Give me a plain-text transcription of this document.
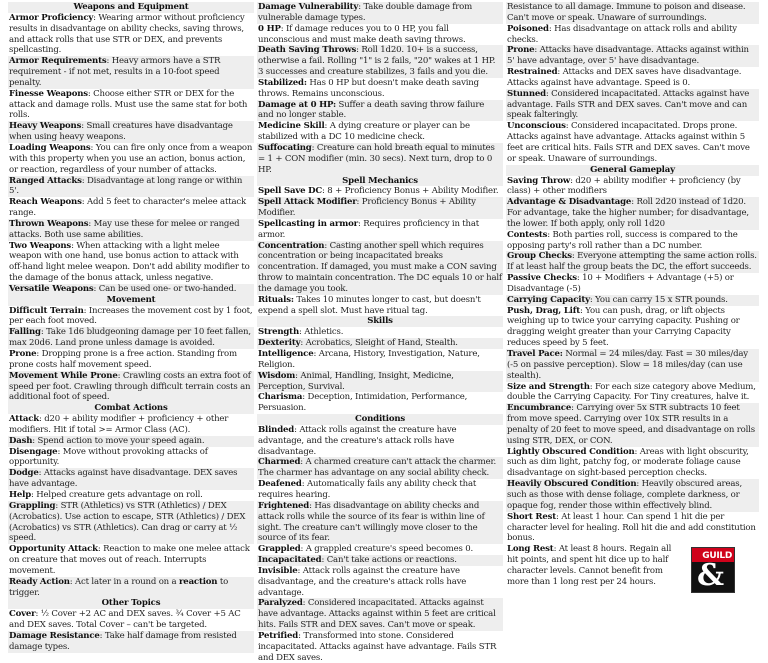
Weapons and Equipment
Armor Proficiency: Wearing armor without proficiency results in disadvantage on ability checks, saving throws, and attack rolls that use STR or DEX, and prevents spellcasting.
Armor Requirements: Heavy armors have a STR requirement - if not met, results in a 10-foot speed penalty.
Finesse Weapons: Choose either STR or DEX for the attack and damage rolls. Must use the same stat for both rolls.
Heavy Weapons: Small creatures have disadvantage when using heavy weapons.
Loading Weapons: You can fire only once from a weapon with this property when you use an action, bonus action, or reaction, regardless of your number of attacks.
Ranged Attacks: Disadvantage at long range or within 5'.
Reach Weapons: Add 5 feet to character's melee attack range.
Thrown Weapons: May use these for melee or ranged attacks. Both use same abilities.
Two Weapons: When attacking with a light melee weapon with one hand, use bonus action to attack with off-hand light melee weapon. Don't add ability modifier to the damage of the bonus attack, unless negative.
Versatile Weapons: Can be used one- or two-handed.
Movement
Difficult Terrain: Increases the movement cost by 1 foot, per each foot moved.
Falling: Take 1d6 bludgeoning damage per 10 feet fallen, max 20d6. Land prone unless damage is avoided.
Prone: Dropping prone is a free action. Standing from prone costs half movement speed.
Movement While Prone: Crawling costs an extra foot of speed per foot. Crawling through difficult terrain costs an additional foot of speed.
Combat Actions
Attack: d20 + ability modifier + proficiency + other modifiers. Hit if total >= Armor Class (AC).
Dash: Spend action to move your speed again.
Disengage: Move without provoking attacks of opportunity.
Dodge: Attacks against have disadvantage. DEX saves have advantage.
Help: Helped creature gets advantage on roll.
Grappling: STR (Athletics) vs STR (Athletics) / DEX (Acrobatics). Use action to escape, STR (Athletics) / DEX (Acrobatics) vs STR (Athletics). Can drag or carry at ½ speed.
Opportunity Attack: Reaction to make one melee attack on creature that moves out of reach. Interrupts movement.
Ready Action: Act later in a round on a reaction to trigger.
Other Topics
Cover: ½ Cover +2 AC and DEX saves. ¾ Cover +5 AC and DEX saves. Total Cover – can't be targeted.
Damage Resistance: Take half damage from resisted damage types.
Damage Vulnerability: Take double damage from vulnerable damage types.
0 HP: If damage reduces you to 0 HP, you fall unconscious and must make death saving throws.
Death Saving Throws: Roll 1d20. 10+ is a success, otherwise a fail. Rolling "1" is 2 fails, "20" wakes at 1 HP. 3 successes and creature stabilizes, 3 fails and you die.
Stabilized: Has 0 HP but doesn't make death saving throws. Remains unconscious.
Damage at 0 HP: Suffer a death saving throw failure and no longer stable.
Medicine Skill: A dying creature or player can be stabilized with a DC 10 medicine check.
Suffocating: Creature can hold breath equal to minutes = 1 + CON modifier (min. 30 secs). Next turn, drop to 0 HP.
Spell Mechanics
Spell Save DC: 8 + Proficiency Bonus + Ability Modifier.
Spell Attack Modifier: Proficiency Bonus + Ability Modifier.
Spellcasting in armor: Requires proficiency in that armor.
Concentration: Casting another spell which requires concentration or being incapacitated breaks concentration. If damaged, you must make a CON saving throw to maintain concentration. The DC equals 10 or half the damage you took.
Rituals: Takes 10 minutes longer to cast, but doesn't expend a spell slot. Must have ritual tag.
Skills
Strength: Athletics.
Dexterity: Acrobatics, Sleight of Hand, Stealth.
Intelligence: Arcana, History, Investigation, Nature, Religion.
Wisdom: Animal, Handling, Insight, Medicine, Perception, Survival.
Charisma: Deception, Intimidation, Performance, Persuasion.
Conditions
Blinded: Attack rolls against the creature have advantage, and the creature's attack rolls have disadvantage.
Charmed: A charmed creature can't attack the charmer. The charmer has advantage on any social ability check.
Deafened: Automatically fails any ability check that requires hearing.
Frightened: Has disadvantage on ability checks and attack rolls while the source of its fear is within line of sight. The creature can't willingly move closer to the source of its fear.
Grappled: A grappled creature's speed becomes 0.
Incapacitated: Can't take actions or reactions.
Invisible: Attack rolls against the creature have disadvantage, and the creature's attack rolls have advantage.
Paralyzed: Considered incapacitated. Attacks against have advantage. Attacks against within 5 feet are critical hits. Fails STR and DEX saves. Can't move or speak.
Petrified: Transformed into stone. Considered incapacitated. Attacks against have advantage. Fails STR and DEX saves.
Resistance to all damage. Immune to poison and disease. Can't move or speak. Unaware of surroundings.
Poisoned: Has disadvantage on attack rolls and ability checks.
Prone: Attacks have disadvantage. Attacks against within 5' have advantage, over 5' have disadvantage.
Restrained: Attacks and DEX saves have disadvantage. Attacks against have advantage. Speed is 0.
Stunned: Considered incapacitated. Attacks against have advantage. Fails STR and DEX saves. Can't move and can speak falteringly.
Unconscious: Considered incapacitated. Drops prone. Attacks against have advantage. Attacks against within 5 feet are critical hits. Fails STR and DEX saves. Can't move or speak. Unaware of surroundings.
General Gameplay
Saving Throw: d20 + ability modifier + proficiency (by class) + other modifiers
Advantage & Disadvantage: Roll 2d20 instead of 1d20. For advantage, take the higher number; for disadvantage, the lower. If both apply, only roll 1d20
Contests: Both parties roll, success is compared to the opposing party's roll rather than a DC number.
Group Checks: Everyone attempting the same action rolls. If at least half the group beats the DC, the effort succeeds.
Passive Checks: 10 + Modifiers + Advantage (+5) or Disadvantage (-5)
Carrying Capacity: You can carry 15 x STR pounds.
Push, Drag, Lift: You can push, drag, or lift objects weighing up to twice your carrying capacity. Pushing or dragging weight greater than your Carrying Capacity reduces speed by 5 feet.
Travel Pace: Normal = 24 miles/day. Fast = 30 miles/day (-5 on passive perception). Slow = 18 miles/day (can use stealth).
Size and Strength: For each size category above Medium, double the Carrying Capacity. For Tiny creatures, halve it.
Encumbrance: Carrying over 5x STR subtracts 10 feet from move speed. Carrying over 10x STR results in a penalty of 20 feet to move speed, and disadvantage on rolls using STR, DEX, or CON.
Lightly Obscured Condition: Areas with light obscurity, such as dim light, patchy fog, or moderate foliage cause disadvantage on sight-based perception checks.
Heavily Obscured Condition: Heavily obscured areas, such as those with dense foliage, complete darkness, or opaque fog, render those within effectively blind.
Short Rest: At least 1 hour. Can spend 1 hit die per character level for healing. Roll hit die and add constitution bonus.
Long Rest: At least 8 hours. Regain all hit points, and spent hit dice up to half character levels. Cannot benefit from more than 1 long rest per 24 hours.
GUILD
&
